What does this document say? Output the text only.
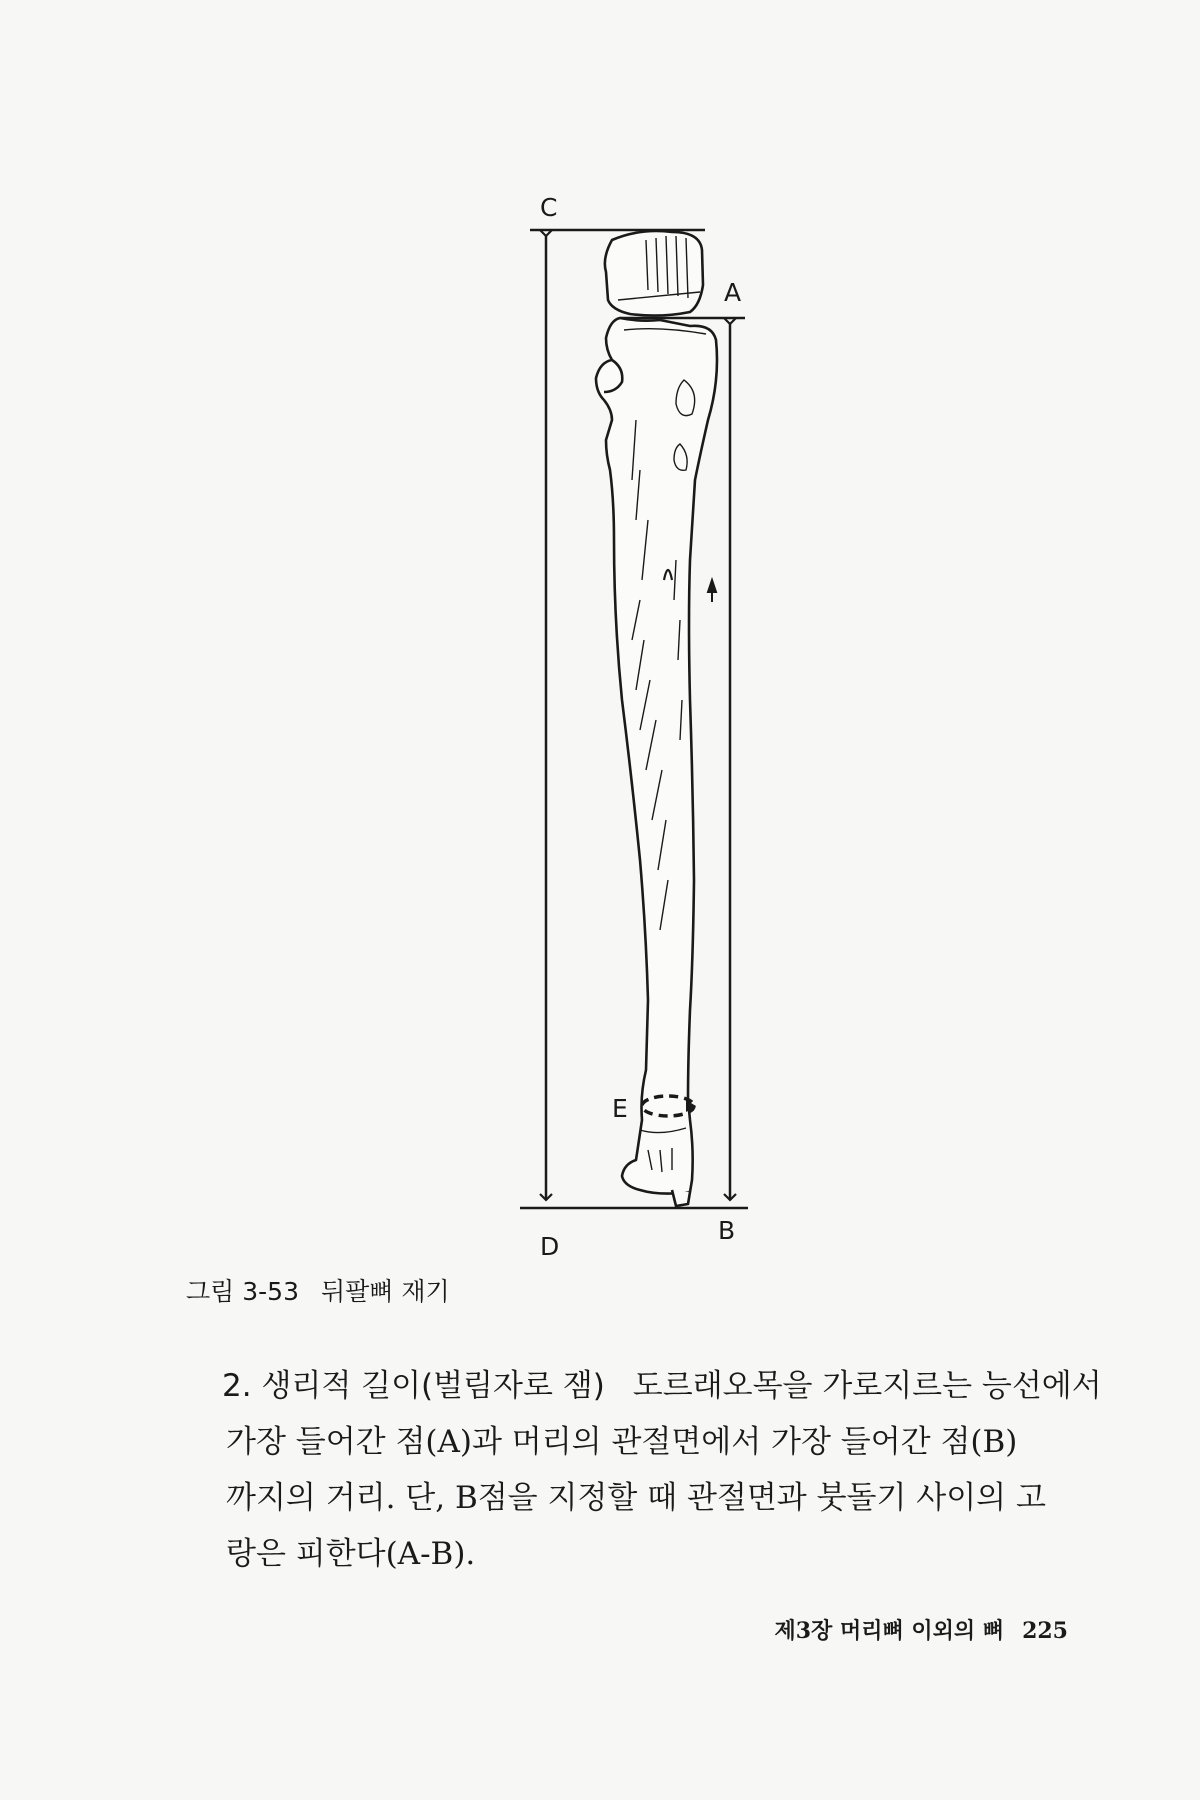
C
A
E
D
B
그림 3-53 뒤팔뼈 재기
2. 생리적 길이(벌림자로 잼) 도르래오목을 가로지르는 능선에서
가장 들어간 점(A)과 머리의 관절면에서 가장 들어간 점(B)
까지의 거리. 단, B점을 지정할 때 관절면과 붓돌기 사이의 고
랑은 피한다(A-B).
제3장 머리뼈 이외의 뼈 225
